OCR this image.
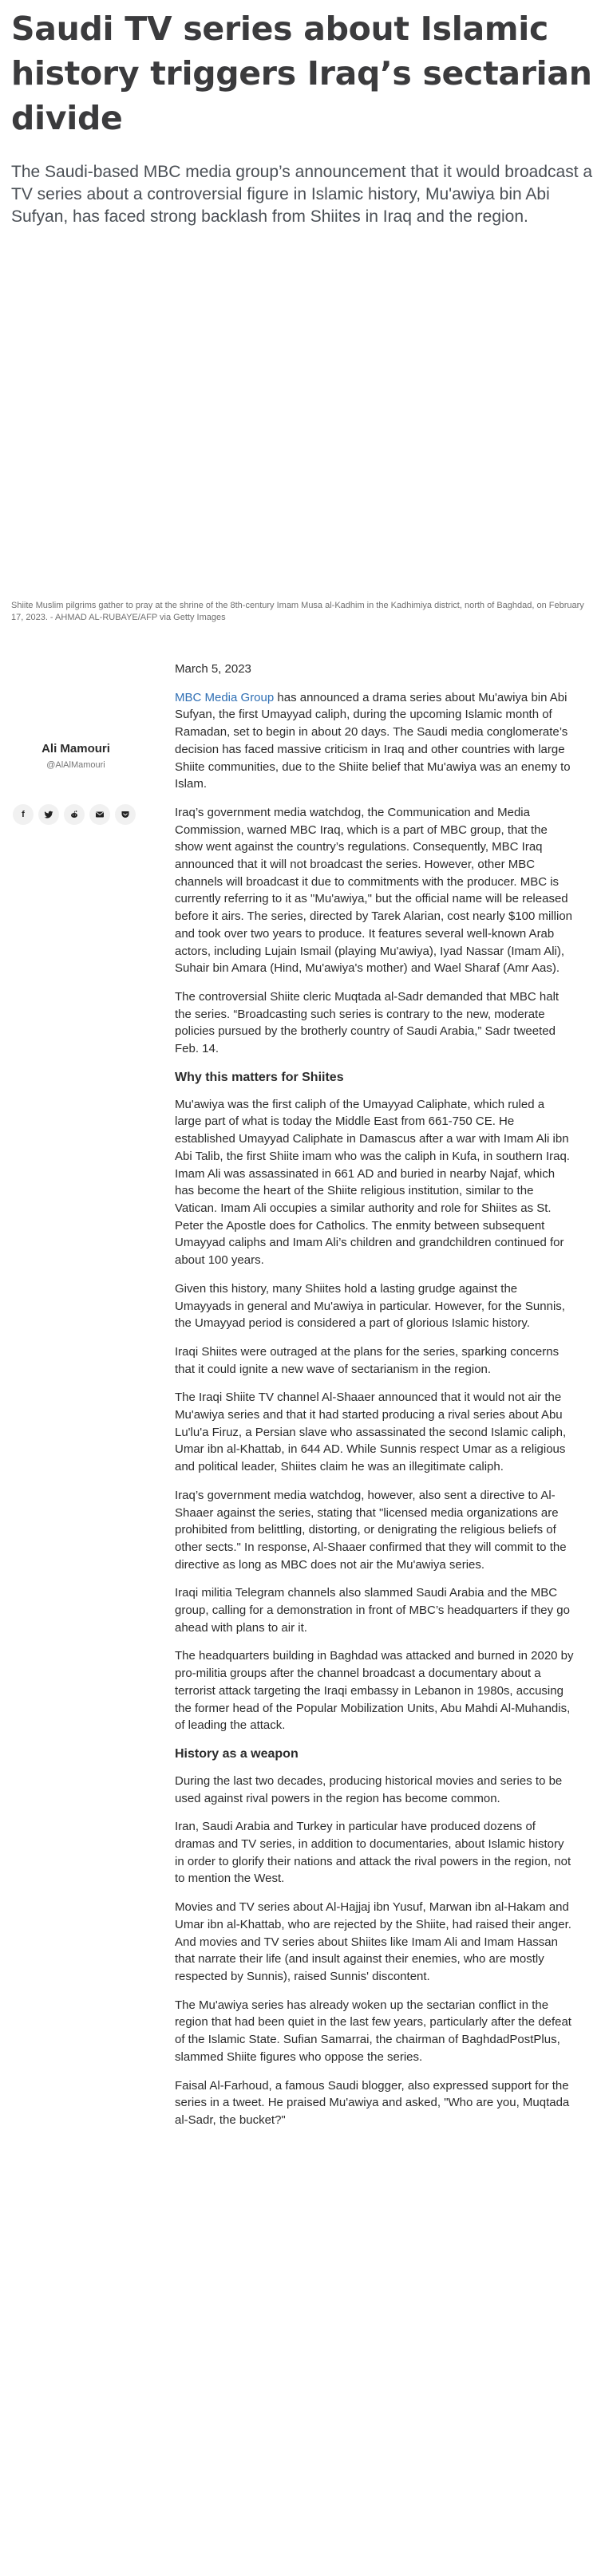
Saudi TV series about Islamic history triggers Iraq’s sectarian divide

The Saudi-based MBC media group’s announcement that it would broadcast a TV series about a controversial figure in Islamic history, Mu'awiya bin Abi Sufyan, has faced strong backlash from Shiites in Iraq and the region.

Shiite Muslim pilgrims gather to pray at the shrine of the 8th-century Imam Musa al-Kadhim in the Kadhimiya district, north of Baghdad, on February 17, 2023. - AHMAD AL-RUBAYE/AFP via Getty Images

Ali Mamouri
@AlAlMamouri
f

March 5, 2023

MBC Media Group has announced a drama series about Mu'awiya bin Abi Sufyan, the first Umayyad caliph, during the upcoming Islamic month of Ramadan, set to begin in about 20 days. The Saudi media conglomerate’s decision has faced massive criticism in Iraq and other countries with large Shiite communities, due to the Shiite belief that Mu'awiya was an enemy to Islam.

Iraq’s government media watchdog, the Communication and Media Commission, warned MBC Iraq, which is a part of MBC group, that the show went against the country’s regulations. Consequently, MBC Iraq announced that it will not broadcast the series. However, other MBC channels will broadcast it due to commitments with the producer. MBC is currently referring to it as "Mu'awiya," but the official name will be released before it airs. The series, directed by Tarek Alarian, cost nearly $100 million and took over two years to produce. It features several well-known Arab actors, including Lujain Ismail (playing Mu'awiya), Iyad Nassar (Imam Ali), Suhair bin Amara (Hind, Mu'awiya's mother) and Wael Sharaf (Amr Aas).

The controversial Shiite cleric Muqtada al-Sadr demanded that MBC halt the series. “Broadcasting such series is contrary to the new, moderate policies pursued by the brotherly country of Saudi Arabia,” Sadr tweeted Feb. 14.

Why this matters for Shiites

Mu'awiya was the first caliph of the Umayyad Caliphate, which ruled a large part of what is today the Middle East from 661-750 CE. He established Umayyad Caliphate in Damascus after a war with Imam Ali ibn Abi Talib, the first Shiite imam who was the caliph in Kufa, in southern Iraq. Imam Ali was assassinated in 661 AD and buried in nearby Najaf, which has become the heart of the Shiite religious institution, similar to the Vatican. Imam Ali occupies a similar authority and role for Shiites as St. Peter the Apostle does for Catholics. The enmity between subsequent Umayyad caliphs and Imam Ali’s children and grandchildren continued for about 100 years.

Given this history, many Shiites hold a lasting grudge against the Umayyads in general and Mu'awiya in particular. However, for the Sunnis, the Umayyad period is considered a part of glorious Islamic history.

Iraqi Shiites were outraged at the plans for the series, sparking concerns that it could ignite a new wave of sectarianism in the region.

The Iraqi Shiite TV channel Al-Shaaer announced that it would not air the Mu'awiya series and that it had started producing a rival series about Abu Lu'lu'a Firuz, a Persian slave who assassinated the second Islamic caliph, Umar ibn al-Khattab, in 644 AD. While Sunnis respect Umar as a religious and political leader, Shiites claim he was an illegitimate caliph.

Iraq’s government media watchdog, however, also sent a directive to Al-Shaaer against the series, stating that "licensed media organizations are prohibited from belittling, distorting, or denigrating the religious beliefs of other sects." In response, Al-Shaaer confirmed that they will commit to the directive as long as MBC does not air the Mu'awiya series.

Iraqi militia Telegram channels also slammed Saudi Arabia and the MBC group, calling for a demonstration in front of MBC’s headquarters if they go ahead with plans to air it.

The headquarters building in Baghdad was attacked and burned in 2020 by pro-militia groups after the channel broadcast a documentary about a terrorist attack targeting the Iraqi embassy in Lebanon in 1980s, accusing the former head of the Popular Mobilization Units, Abu Mahdi Al-Muhandis, of leading the attack.

History as a weapon

During the last two decades, producing historical movies and series to be used against rival powers in the region has become common.

Iran, Saudi Arabia and Turkey in particular have produced dozens of dramas and TV series, in addition to documentaries, about Islamic history in order to glorify their nations and attack the rival powers in the region, not to mention the West.

Movies and TV series about Al-Hajjaj ibn Yusuf, Marwan ibn al-Hakam and Umar ibn al-Khattab, who are rejected by the Shiite, had raised their anger. And movies and TV series about Shiites like Imam Ali and Imam Hassan that narrate their life (and insult against their enemies, who are mostly respected by Sunnis), raised Sunnis' discontent.

The Mu'awiya series has already woken up the sectarian conflict in the region that had been quiet in the last few years, particularly after the defeat of the Islamic State. Sufian Samarrai, the chairman of BaghdadPostPlus, slammed Shiite figures who oppose the series.

Faisal Al-Farhoud, a famous Saudi blogger, also expressed support for the series in a tweet. He praised Mu'awiya and asked, "Who are you, Muqtada al-Sadr, the bucket?"
